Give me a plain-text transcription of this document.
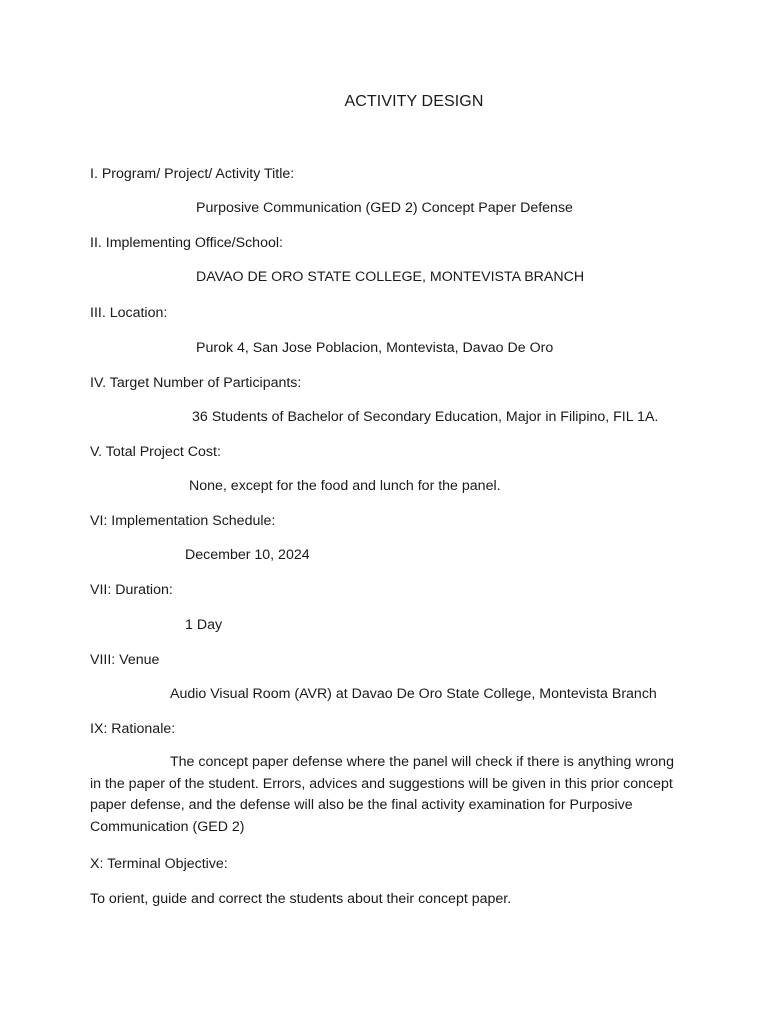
ACTIVITY DESIGN
I. Program/ Project/ Activity Title:
Purposive Communication (GED 2) Concept Paper Defense
II. Implementing Office/School:
DAVAO DE ORO STATE COLLEGE, MONTEVISTA BRANCH
III. Location:
Purok 4, San Jose Poblacion, Montevista, Davao De Oro
IV. Target Number of Participants:
36 Students of Bachelor of Secondary Education, Major in Filipino, FIL 1A.
V. Total Project Cost:
None, except for the food and lunch for the panel.
VI: Implementation Schedule:
December 10, 2024
VII: Duration:
1 Day
VIII: Venue
Audio Visual Room (AVR) at Davao De Oro State College, Montevista Branch
IX: Rationale:
The concept paper defense where the panel will check if there is anything wrong in the paper of the student. Errors, advices and suggestions will be given in this prior concept paper defense, and the defense will also be the final activity examination for Purposive Communication (GED 2)
X: Terminal Objective:
To orient, guide and correct the students about their concept paper.
